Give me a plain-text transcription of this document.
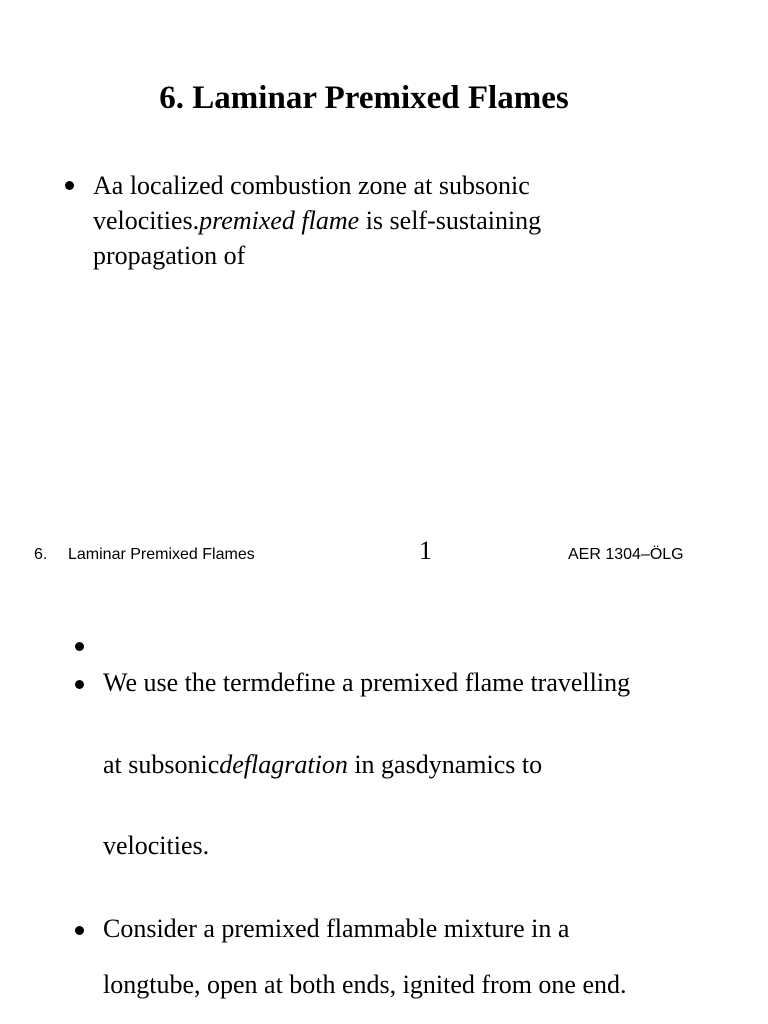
6. Laminar Premixed Flames
Aa localized combustion zone at subsonic
velocities.premixed flame is self-sustaining
propagation of
6. Laminar Premixed Flames	1	AER 1304–ÖLG
We use the termdefine a premixed flame travelling
at subsonicdeflagration in gasdynamics to
velocities.
Consider a premixed flammable mixture in a
longtube, open at both ends, ignited from one end.
